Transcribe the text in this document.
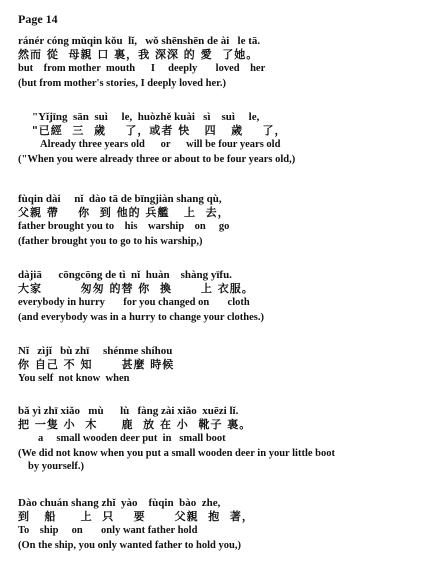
Page 14
ránér cóng mǔqin kǒu  lǐ,   wǒ shēnshēn de ài   le tā.
然而 從  母親 口 裏，我 深深 的 愛  了她。
but    from mother  mouth      I     deeply       loved    her
(but from mother's stories, I deeply loved her.)
"Yǐjīng  sān  suì     le,  huòzhě kuài   sì    suì     le,
"已經  三  歲    了，或者 快   四   歲    了，
Already three years old      or      will be four years old
("When you were already three or about to be four years old,)
fùqin dài     nǐ  dào tā de bīngjiàn shang qù,
父親 帶    你  到 他的 兵艦   上  去，
father brought you to    his    warship    on     go
(father brought you to go to his warship,)
dàjiā      cōngcōng de tì  nǐ  huàn    shàng yīfu.
大家        匆匆 的替 你  換      上 衣服。
everybody in hurry       for you changed on       cloth
(and everybody was in a hurry to change your clothes.)
Nǐ   zìjǐ   bù zhī     shénme shíhou
你 自己 不 知      甚麼 時候
You self  not know  when
bǎ yì zhī xiǎo   mù      lù   fàng zài xiǎo  xuēzi lǐ.
把 一隻 小  木     鹿  放 在 小  靴子 裏。
a     small wooden deer put  in   small boot
(We did not know when you put a small wooden deer in your little boot
by yourself.)
Dào chuán shang zhǐ  yào    fùqin  bào  zhe,
到   船     上  只    要      父親  抱  著，
To    ship     on       only want father hold
(On the ship, you only wanted father to hold you,)
